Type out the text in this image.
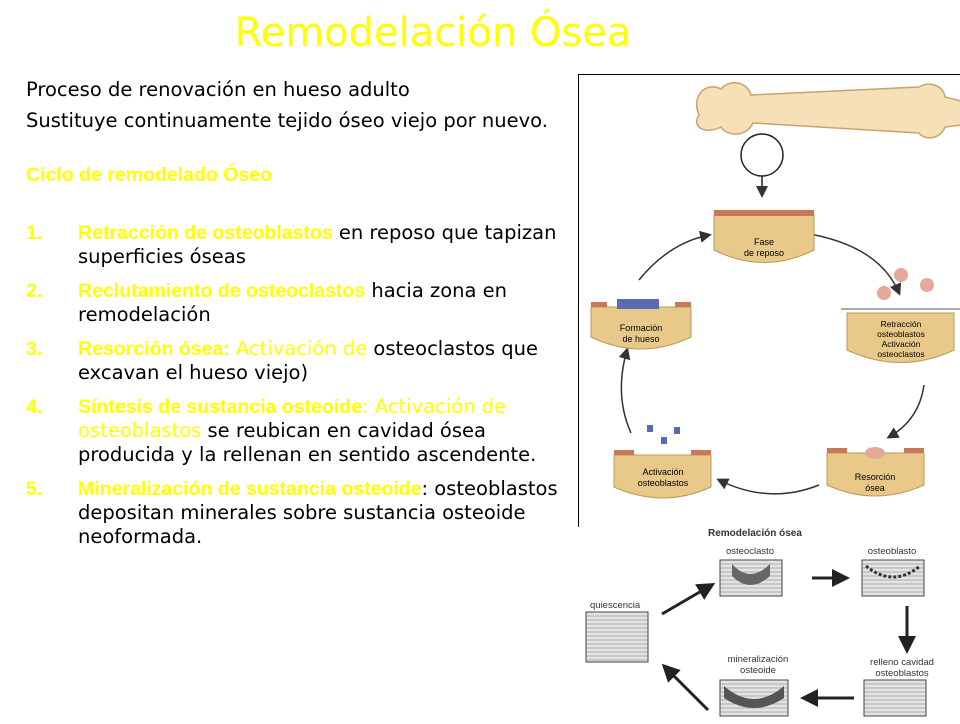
Remodelación Ósea

Proceso de renovación en hueso adulto

Sustituye continuamente tejido óseo viejo por nuevo.

Ciclo de remodelado Óseo

1. Retracción de osteoblastos en reposo que tapizan superficies óseas
2. Reclutamiento de osteoclastos hacia zona en remodelación
3. Resorción ósea: Activación de osteoclastos que excavan el hueso viejo)
4. Síntesis de sustancia osteoide: Activación de osteoblastos se reubican en cavidad ósea producida y la rellenan en sentido ascendente.
5. Mineralización de sustancia osteoide: osteoblastos depositan minerales sobre sustancia osteoide neoformada.
Fase
de reposo
Retracción
osteoblastos
Activación
osteoclastos
Resorción
ósea
Activación
osteoblastos
Formación
de hueso
Remodelación ósea
osteoclasto	osteoblasto
quiescencia
relleno cavidad
osteoblastos
mineralización
osteoide
